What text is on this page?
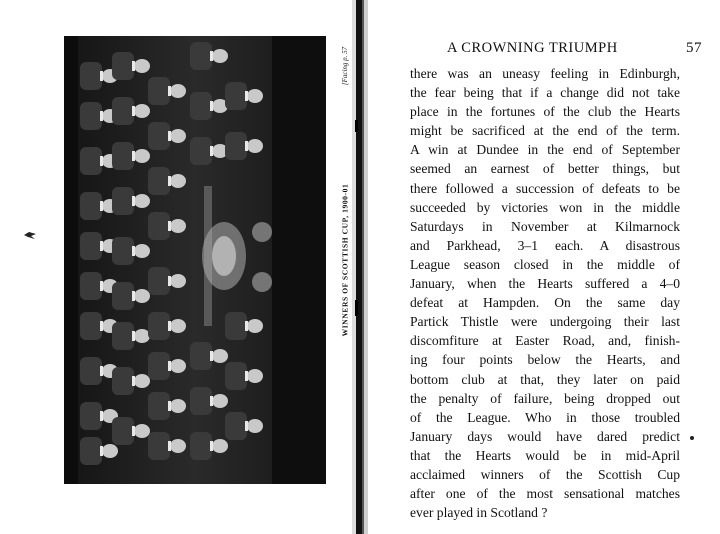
WINNERS OF SCOTTISH CUP, 1900-01
[Facing p. 57	A CROWNING TRIUMPH	57
there was an uneasy feeling in Edinburgh,
the fear being that if a change did not take
place in the fortunes of the club the Hearts
might be sacrificed at the end of the term.
A win at Dundee in the end of September
seemed an earnest of better things, but
there followed a succession of defeats to be
succeeded by victories won in the middle
Saturdays in November at Kilmarnock
and Parkhead, 3–1 each. A disastrous
League season closed in the middle of
January, when the Hearts suffered a 4–0
defeat at Hampden. On the same day
Partick Thistle were undergoing their last
discomfiture at Easter Road, and, finish-
ing four points below the Hearts, and
bottom club at that, they later on paid
the penalty of failure, being dropped out
of the League. Who in those troubled
January days would have dared predict
that the Hearts would be in mid-April
acclaimed winners of the Scottish Cup
after one of the most sensational matches
ever played in Scotland ?
